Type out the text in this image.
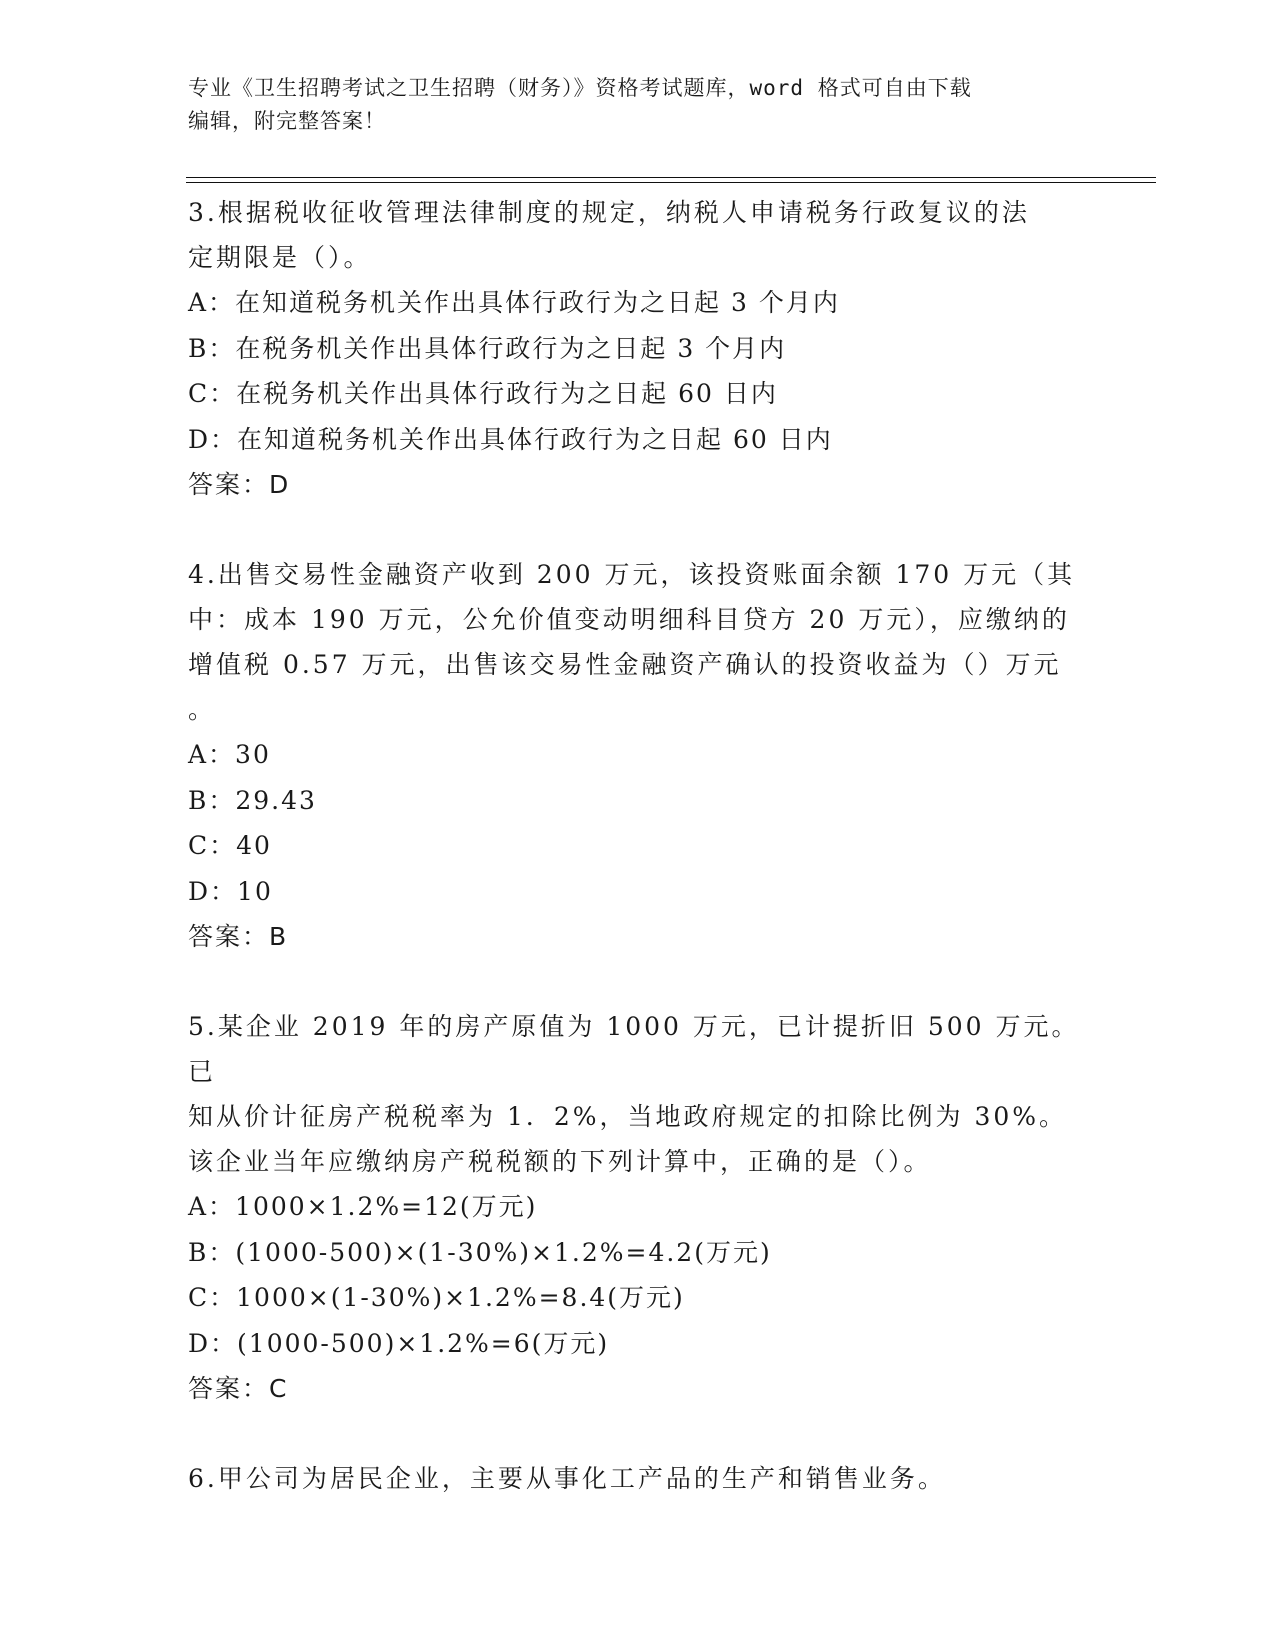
专业《卫生招聘考试之卫生招聘（财务）》资格考试题库，word 格式可自由下载
编辑，附完整答案！

3.根据税收征收管理法律制度的规定，纳税人申请税务行政复议的法

定期限是（）。

A：在知道税务机关作出具体行政行为之日起 3 个月内

B：在税务机关作出具体行政行为之日起 3 个月内

C：在税务机关作出具体行政行为之日起 60 日内

D：在知道税务机关作出具体行政行为之日起 60 日内

答案：D

4.出售交易性金融资产收到 200 万元，该投资账面余额 170 万元（其

中：成本 190 万元，公允价值变动明细科目贷方 20 万元），应缴纳的

增值税 0.57 万元，出售该交易性金融资产确认的投资收益为（）万元

。

A：30

B：29.43

C：40

D：10

答案：B

5.某企业 2019 年的房产原值为 1000 万元，已计提折旧 500 万元。已

知从价计征房产税税率为 1．2%，当地政府规定的扣除比例为 30%。

该企业当年应缴纳房产税税额的下列计算中，正确的是（）。

A：1000×1.2%=12(万元)

B：(1000-500)×(1-30%)×1.2%=4.2(万元)

C：1000×(1-30%)×1.2%=8.4(万元)

D：(1000-500)×1.2%=6(万元)

答案：C

6.甲公司为居民企业，主要从事化工产品的生产和销售业务。
